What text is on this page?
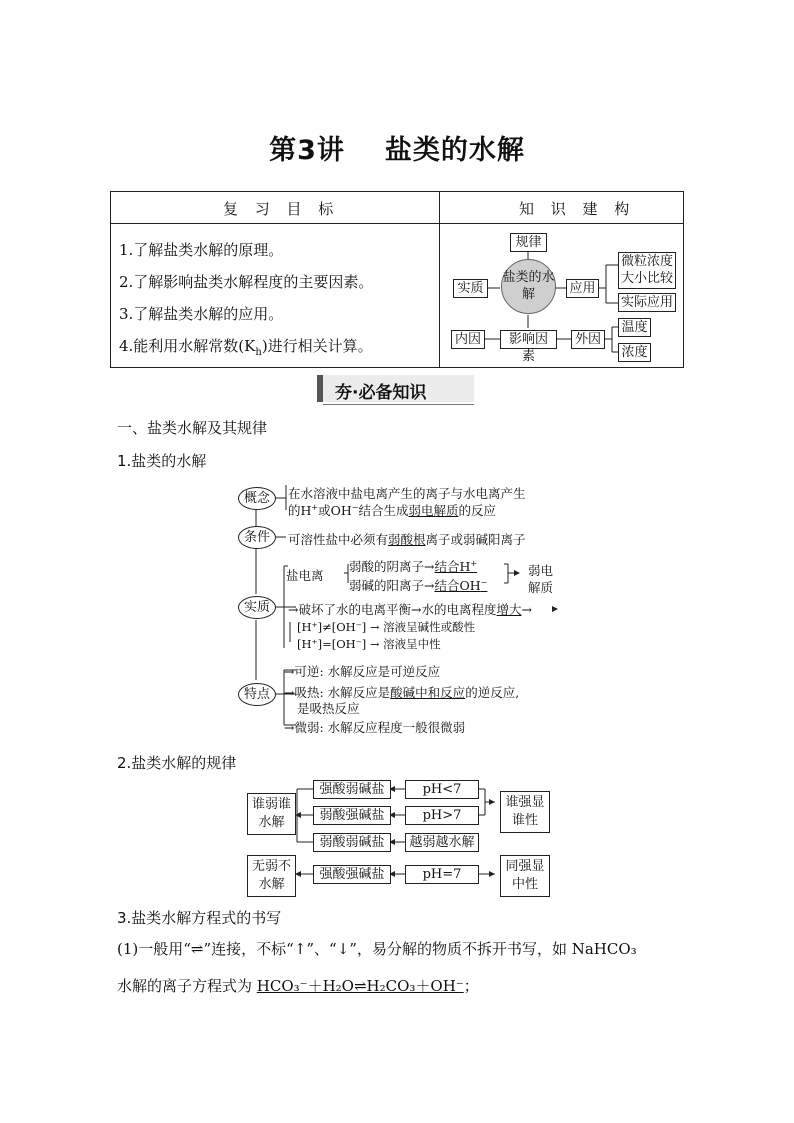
第3讲 盐类的水解
复 习 目 标	知 识 建 构
1.了解盐类水解的原理。
2.了解影响盐类水解程度的主要因素。
3.了解盐类水解的应用。
4.能利用水解常数$(K_h)$进行相关计算。
规律
盐类的水解
实质	应用
微粒浓度大小比较
实际应用
内因	影响因素
外因
温度
浓度
夯·必备知识
一、盐类水解及其规律
1.盐类的水解
概念	在水溶液中盐电离产生的离子与水电离产生
的H+或OH−结合生成弱电解质的反应
条件	可溶性盐中必须有弱酸根离子或弱碱阳离子
实质
盐电离
弱酸的阴离子→结合H+
弱碱的阳离子→结合OH−
弱电
解质
→破坏了水的电离平衡→水的电离程度增大→
[H⁺]≠[OH⁻] → 溶液呈碱性或酸性
[H⁺]=[OH⁻] → 溶液呈中性
特点
→可逆: 水解反应是可逆反应
→吸热: 水解反应是酸碱中和反应的逆反应,
是吸热反应
→微弱: 水解反应程度一般很微弱
2.盐类水解的规律
谁弱谁水解
无弱不水解
谁强显谁性
同强显中性
强酸弱碱盐	pH<7
弱酸强碱盐	pH>7
弱酸弱碱盐	越弱越水解
强酸强碱盐	pH=7
3.盐类水解方程式的书写
(1)一般用“⇌”连接，不标“↑”、“↓”，易分解的物质不拆开书写，如 NaHCO₃
水解的离子方程式为 HCO₃⁻＋H₂O⇌H₂CO₃＋OH⁻；
